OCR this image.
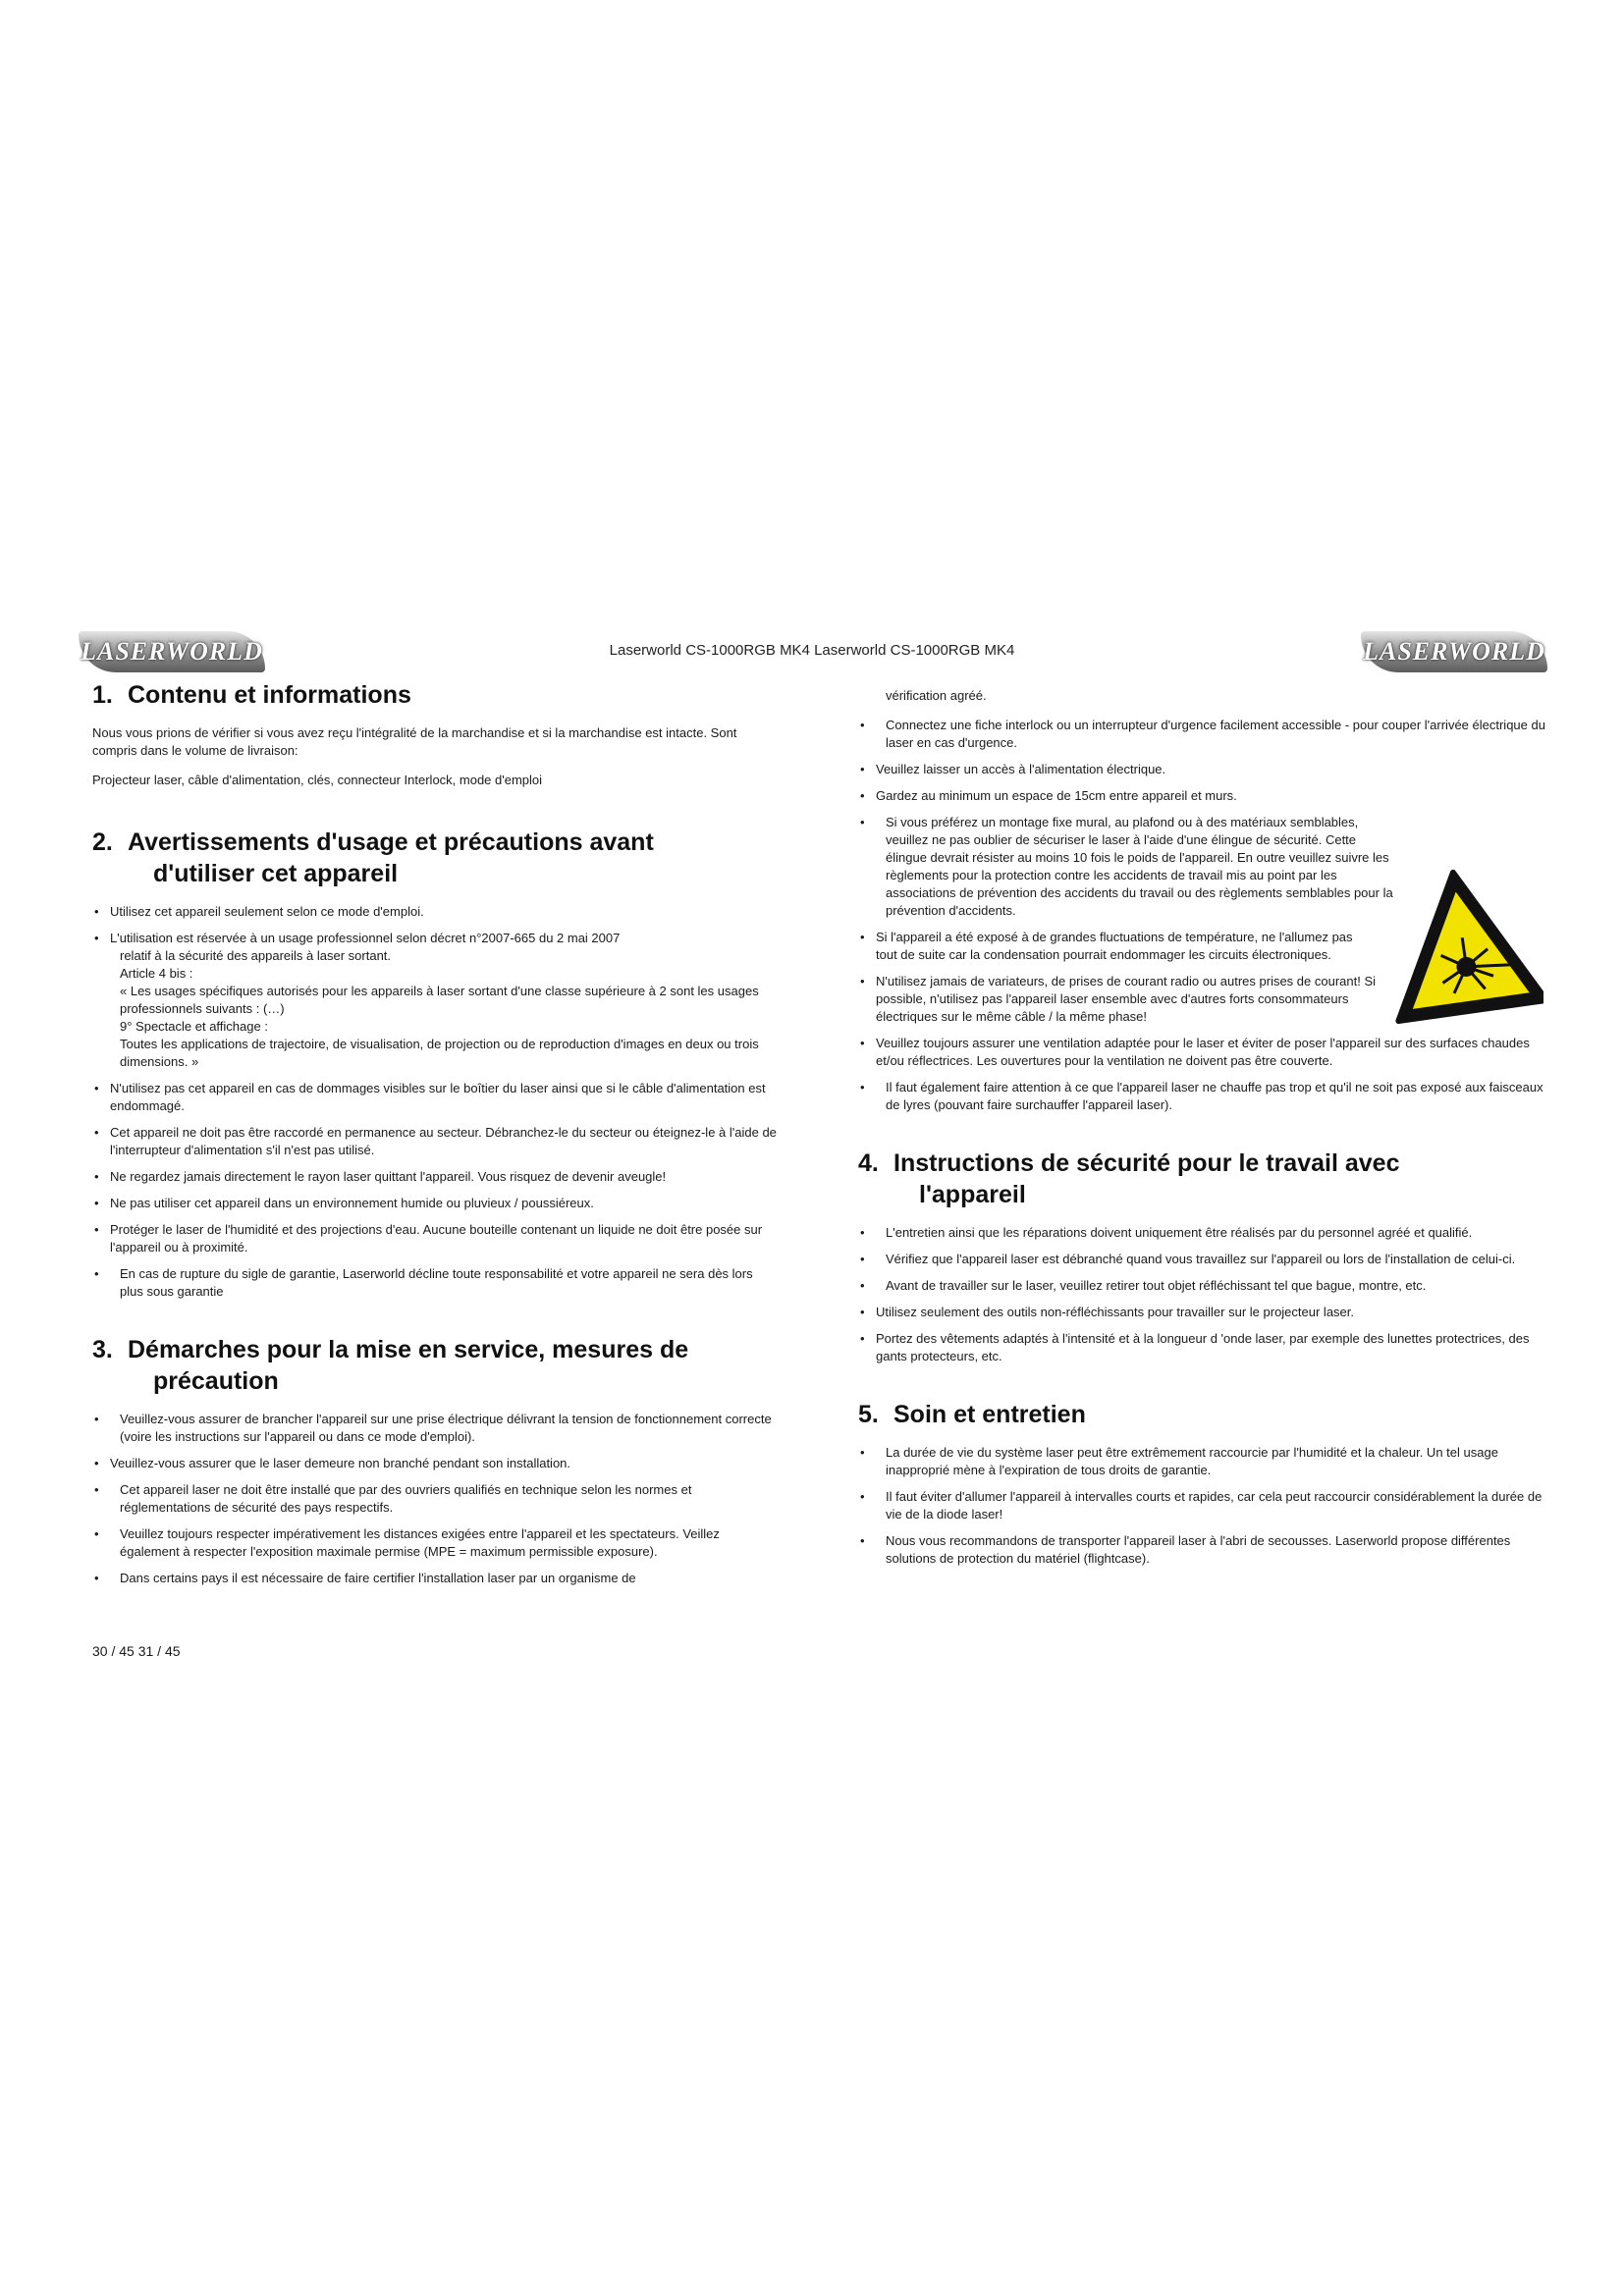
LASERWORLD	Laserworld CS-1000RGB MK4 Laserworld CS-1000RGB MK4	LASERWORLD
1. Contenu et informations

Nous vous prions de vérifier si vous avez reçu l'intégralité de la marchandise et si la marchandise est intacte. Sont compris dans le volume de livraison:

Projecteur laser, câble d'alimentation, clés, connecteur Interlock, mode d'emploi

2. Avertissements d'usage et précautions avant
d'utiliser cet appareil
• Utilisez cet appareil seulement selon ce mode d'emploi.
• L'utilisation est réservée à un usage professionnel selon décret n°2007-665 du 2 mai 2007
relatif à la sécurité des appareils à laser sortant.
Article 4 bis :
« Les usages spécifiques autorisés pour les appareils à laser sortant d'une classe supérieure à 2 sont les usages professionnels suivants : (…)
9° Spectacle et affichage :
Toutes les applications de trajectoire, de visualisation, de projection ou de reproduction d'images en deux ou trois dimensions. »
• N'utilisez pas cet appareil en cas de dommages visibles sur le boîtier du laser ainsi que si le câble d'alimentation est endommagé.
• Cet appareil ne doit pas être raccordé en permanence au secteur. Débranchez-le du secteur ou éteignez-le à l'aide de l'interrupteur d'alimentation s'il n'est pas utilisé.
• Ne regardez jamais directement le rayon laser quittant l'appareil. Vous risquez de devenir aveugle!
• Ne pas utiliser cet appareil dans un environnement humide ou pluvieux / poussiéreux.
• Protéger le laser de l'humidité et des projections d'eau. Aucune bouteille contenant un liquide ne doit être posée sur l'appareil ou à proximité.
• En cas de rupture du sigle de garantie, Laserworld décline toute responsabilité et votre appareil ne sera dès lors plus sous garantie
3. Démarches pour la mise en service, mesures de
précaution
• Veuillez-vous assurer de brancher l'appareil sur une prise électrique délivrant la tension de fonctionnement correcte (voire les instructions sur l'appareil ou dans ce mode d'emploi).
• Veuillez-vous assurer que le laser demeure non branché pendant son installation.
• Cet appareil laser ne doit être installé que par des ouvriers qualifiés en technique selon les normes et réglementations de sécurité des pays respectifs.
• Veuillez toujours respecter impérativement les distances exigées entre l'appareil et les spectateurs. Veillez également à respecter l'exposition maximale permise (MPE = maximum permissible exposure).
• Dans certains pays il est nécessaire de faire certifier l'installation laser par un organisme de
30 / 45 31 / 45

vérification agréé.

• Connectez une fiche interlock ou un interrupteur d'urgence facilement accessible - pour couper l'arrivée électrique du laser en cas d'urgence.
• Veuillez laisser un accès à l'alimentation électrique.
• Gardez au minimum un espace de 15cm entre appareil et murs.
• Si vous préférez un montage fixe mural, au plafond ou à des matériaux semblables, veuillez ne pas oublier de sécuriser le laser à l'aide d'une élingue de sécurité. Cette élingue devrait résister au moins 10 fois le poids de l'appareil. En outre veuillez suivre les règlements pour la protection contre les accidents de travail mis au point par les associations de prévention des accidents du travail ou des règlements semblables pour la prévention d'accidents.
• Si l'appareil a été exposé à de grandes fluctuations de température, ne l'allumez pas tout de suite car la condensation pourrait endommager les circuits électroniques.
• N'utilisez jamais de variateurs, de prises de courant radio ou autres prises de courant! Si possible, n'utilisez pas l'appareil laser ensemble avec d'autres forts consommateurs électriques sur le même câble / la même phase!
• Veuillez toujours assurer une ventilation adaptée pour le laser et éviter de poser l'appareil sur des surfaces chaudes et/ou réflectrices. Les ouvertures pour la ventilation ne doivent pas être couverte.
• Il faut également faire attention à ce que l'appareil laser ne chauffe pas trop et qu'il ne soit pas exposé aux faisceaux de lyres (pouvant faire surchauffer l'appareil laser).
4. Instructions de sécurité pour le travail avec
l'appareil
• L'entretien ainsi que les réparations doivent uniquement être réalisés par du personnel agréé et qualifié.
• Vérifiez que l'appareil laser est débranché quand vous travaillez sur l'appareil ou lors de l'installation de celui-ci.
• Avant de travailler sur le laser, veuillez retirer tout objet réfléchissant tel que bague, montre, etc.
• Utilisez seulement des outils non-réfléchissants pour travailler sur le projecteur laser.
• Portez des vêtements adaptés à l'intensité et à la longueur d 'onde laser, par exemple des lunettes protectrices, des gants protecteurs, etc.
5. Soin et entretien
• La durée de vie du système laser peut être extrêmement raccourcie par l'humidité et la chaleur. Un tel usage inapproprié mène à l'expiration de tous droits de garantie.
• Il faut éviter d'allumer l'appareil à intervalles courts et rapides, car cela peut raccourcir considérablement la durée de vie de la diode laser!
• Nous vous recommandons de transporter l'appareil laser à l'abri de secousses. Laserworld propose différentes solutions de protection du matériel (flightcase).
